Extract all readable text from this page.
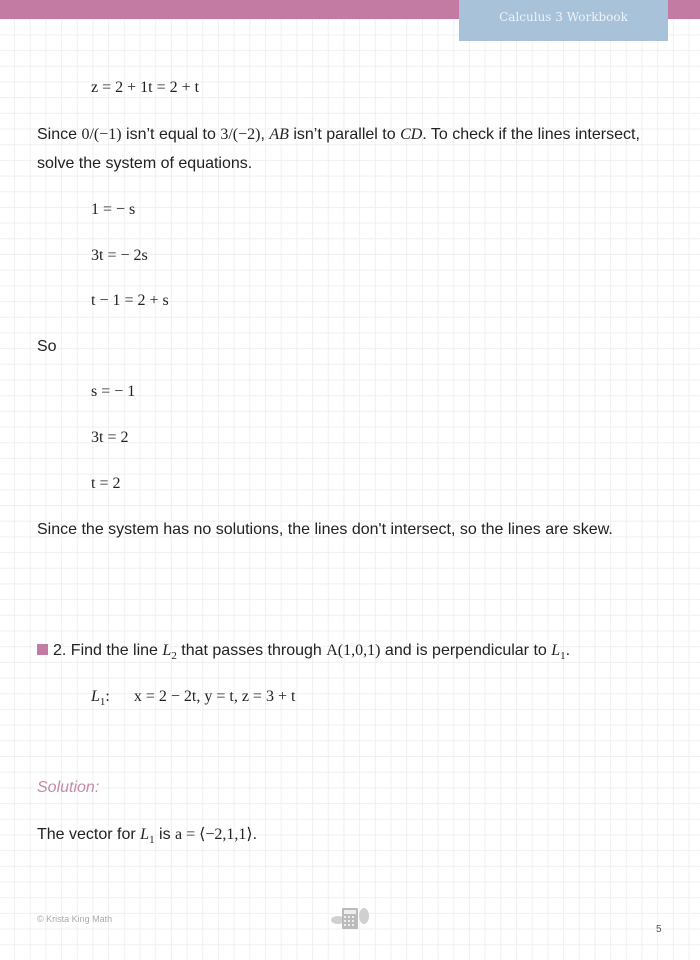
Calculus 3 Workbook
z = 2 + 1t = 2 + t
Since 0/(−1) isn’t equal to 3/(−2), AB isn’t parallel to CD. To check if the lines intersect, solve the system of equations.
1 = − s
3t = − 2s
t − 1 = 2 + s
So
s = − 1
3t = 2
t = 2
Since the system has no solutions, the lines don't intersect, so the lines are skew.
2. Find the line $L_2$ that passes through A(1,0,1) and is perpendicular to $L_1$.
$L_1$: x = 2 − 2t, y = t, z = 3 + t
Solution:
The vector for $L_1$ is a = ⟨−2,1,1⟩.
© Krista King Math
5
